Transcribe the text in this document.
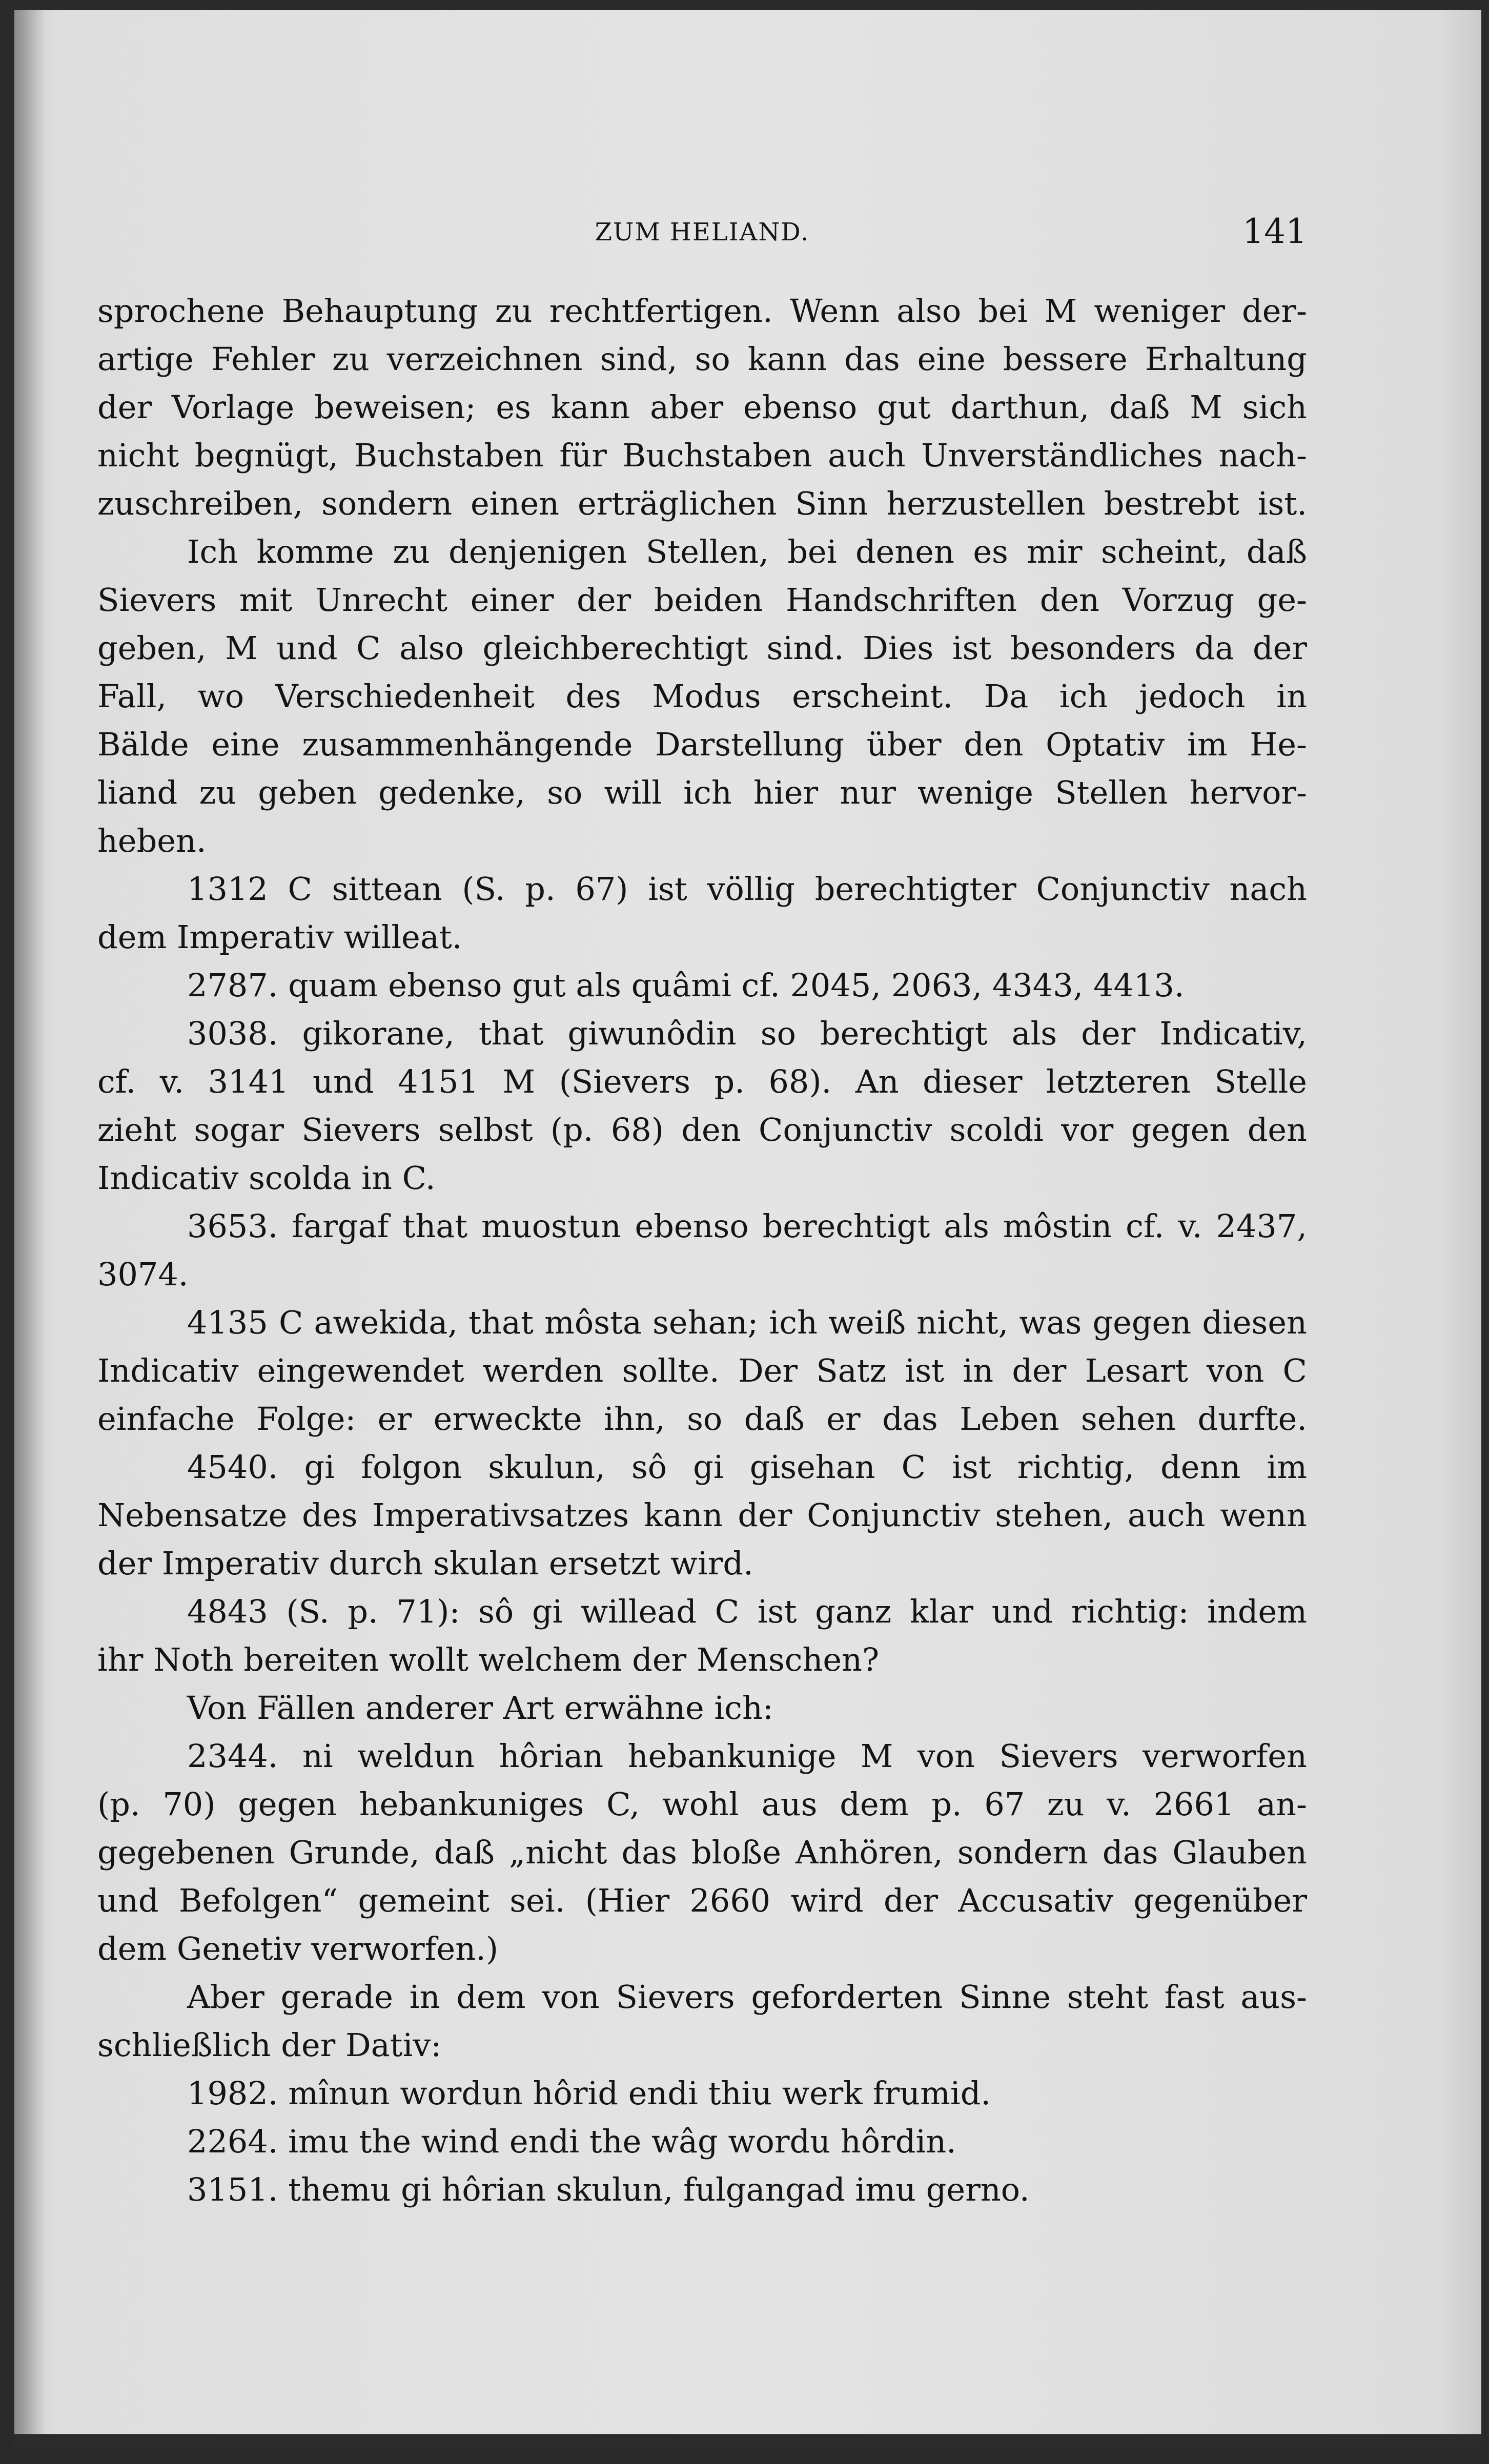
ZUM HELIAND.	141
sprochene Behauptung zu rechtfertigen. Wenn also bei M weniger der-
artige Fehler zu verzeichnen sind, so kann das eine bessere Erhaltung
der Vorlage beweisen; es kann aber ebenso gut darthun, daß M sich
nicht begnügt, Buchstaben für Buchstaben auch Unverständliches nach-
zuschreiben, sondern einen erträglichen Sinn herzustellen bestrebt ist.
Ich komme zu denjenigen Stellen, bei denen es mir scheint, daß
Sievers mit Unrecht einer der beiden Handschriften den Vorzug ge-
geben, M und C also gleichberechtigt sind. Dies ist besonders da der
Fall, wo Verschiedenheit des Modus erscheint. Da ich jedoch in
Bälde eine zusammenhängende Darstellung über den Optativ im He-
liand zu geben gedenke, so will ich hier nur wenige Stellen hervor-
heben.
1312 C sittean (S. p. 67) ist völlig berechtigter Conjunctiv nach
dem Imperativ willeat.
2787. quam ebenso gut als quâmi cf. 2045, 2063, 4343, 4413.
3038. gikorane, that giwunôdin so berechtigt als der Indicativ,
cf. v. 3141 und 4151 M (Sievers p. 68). An dieser letzteren Stelle
zieht sogar Sievers selbst (p. 68) den Conjunctiv scoldi vor gegen den
Indicativ scolda in C.
3653. fargaf that muostun ebenso berechtigt als môstin cf. v. 2437,
3074.
4135 C awekida, that môsta sehan; ich weiß nicht, was gegen diesen
Indicativ eingewendet werden sollte. Der Satz ist in der Lesart von C
einfache Folge: er erweckte ihn, so daß er das Leben sehen durfte.
4540. gi folgon skulun, sô gi gisehan C ist richtig, denn im
Nebensatze des Imperativsatzes kann der Conjunctiv stehen, auch wenn
der Imperativ durch skulan ersetzt wird.
4843 (S. p. 71): sô gi willead C ist ganz klar und richtig: indem
ihr Noth bereiten wollt welchem der Menschen?
Von Fällen anderer Art erwähne ich:
2344. ni weldun hôrian hebankunige M von Sievers verworfen
(p. 70) gegen hebankuniges C, wohl aus dem p. 67 zu v. 2661 an-
gegebenen Grunde, daß „nicht das bloße Anhören, sondern das Glauben
und Befolgen“ gemeint sei. (Hier 2660 wird der Accusativ gegenüber
dem Genetiv verworfen.)
Aber gerade in dem von Sievers geforderten Sinne steht fast aus-
schließlich der Dativ:
1982. mînun wordun hôrid endi thiu werk frumid.
2264. imu the wind endi the wâg wordu hôrdin.
3151. themu gi hôrian skulun, fulgangad imu gerno.
